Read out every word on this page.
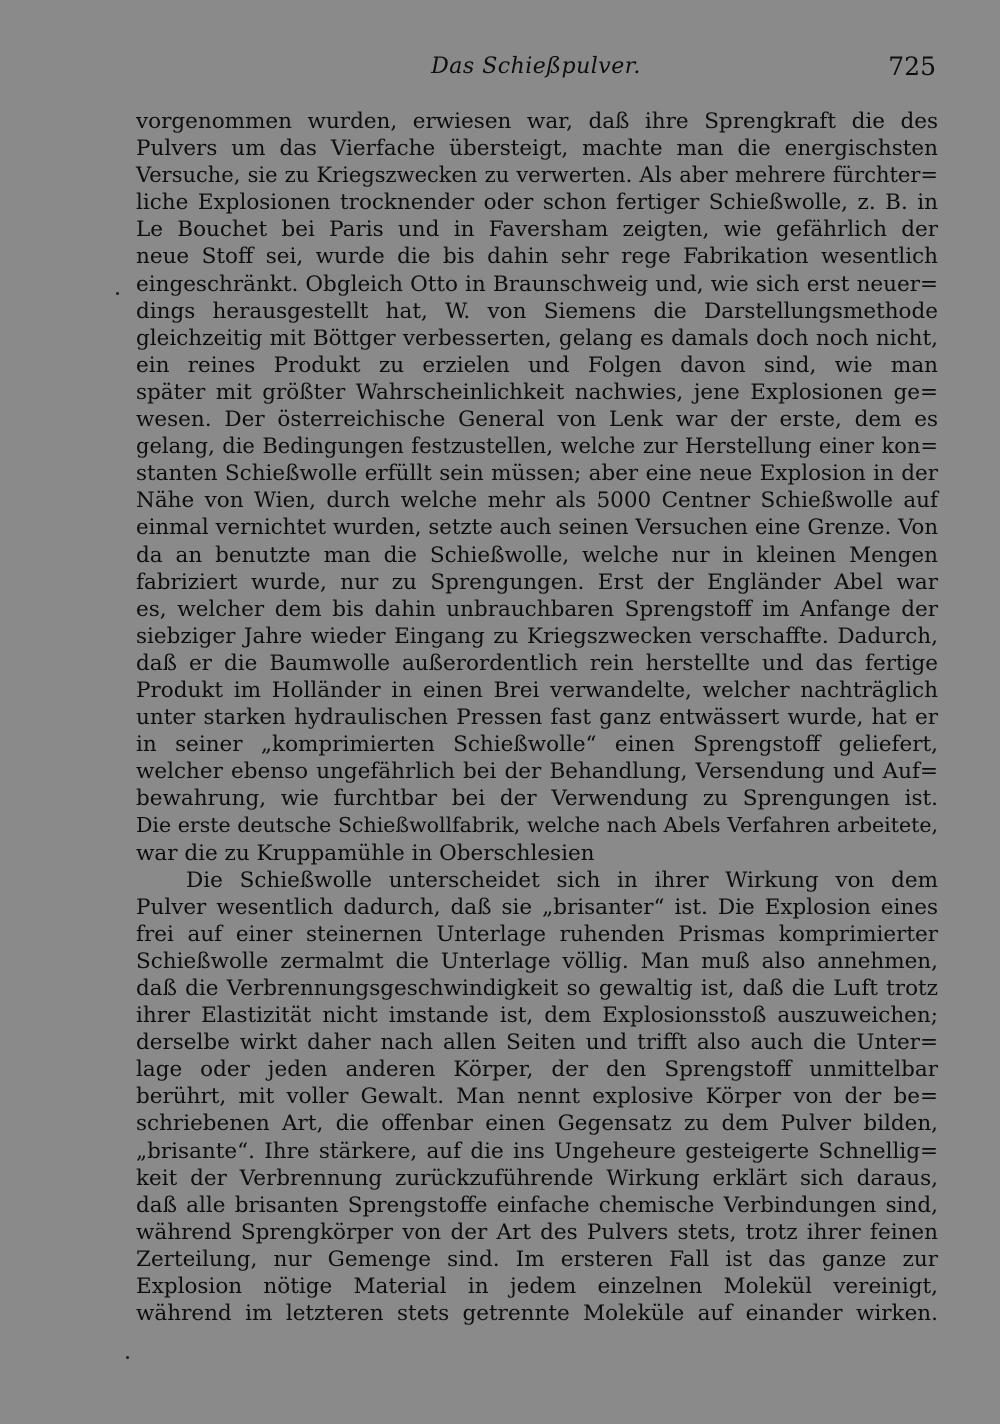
Das Schießpulver.	725
vorgenommen wurden, erwiesen war, daß ihre Sprengkraft die des
Pulvers um das Vierfache übersteigt, machte man die energischsten
Versuche, sie zu Kriegszwecken zu verwerten. Als aber mehrere fürchter=
liche Explosionen trocknender oder schon fertiger Schießwolle, z. B. in
Le Bouchet bei Paris und in Faversham zeigten, wie gefährlich der
neue Stoff sei, wurde die bis dahin sehr rege Fabrikation wesentlich
eingeschränkt. Obgleich Otto in Braunschweig und, wie sich erst neuer=
dings herausgestellt hat, W. von Siemens die Darstellungsmethode
gleichzeitig mit Böttger verbesserten, gelang es damals doch noch nicht,
ein reines Produkt zu erzielen und Folgen davon sind, wie man
später mit größter Wahrscheinlichkeit nachwies, jene Explosionen ge=
wesen. Der österreichische General von Lenk war der erste, dem es
gelang, die Bedingungen festzustellen, welche zur Herstellung einer kon=
stanten Schießwolle erfüllt sein müssen; aber eine neue Explosion in der
Nähe von Wien, durch welche mehr als 5000 Centner Schießwolle auf
einmal vernichtet wurden, setzte auch seinen Versuchen eine Grenze. Von
da an benutzte man die Schießwolle, welche nur in kleinen Mengen
fabriziert wurde, nur zu Sprengungen. Erst der Engländer Abel war
es, welcher dem bis dahin unbrauchbaren Sprengstoff im Anfange der
siebziger Jahre wieder Eingang zu Kriegszwecken verschaffte. Dadurch,
daß er die Baumwolle außerordentlich rein herstellte und das fertige
Produkt im Holländer in einen Brei verwandelte, welcher nachträglich
unter starken hydraulischen Pressen fast ganz entwässert wurde, hat er
in seiner „komprimierten Schießwolle“ einen Sprengstoff geliefert,
welcher ebenso ungefährlich bei der Behandlung, Versendung und Auf=
bewahrung, wie furchtbar bei der Verwendung zu Sprengungen ist.
Die erste deutsche Schießwollfabrik, welche nach Abels Verfahren arbeitete,
war die zu Kruppamühle in Oberschlesien
Die Schießwolle unterscheidet sich in ihrer Wirkung von dem
Pulver wesentlich dadurch, daß sie „brisanter“ ist. Die Explosion eines
frei auf einer steinernen Unterlage ruhenden Prismas komprimierter
Schießwolle zermalmt die Unterlage völlig. Man muß also annehmen,
daß die Verbrennungsgeschwindigkeit so gewaltig ist, daß die Luft trotz
ihrer Elastizität nicht imstande ist, dem Explosionsstoß auszuweichen;
derselbe wirkt daher nach allen Seiten und trifft also auch die Unter=
lage oder jeden anderen Körper, der den Sprengstoff unmittelbar
berührt, mit voller Gewalt. Man nennt explosive Körper von der be=
schriebenen Art, die offenbar einen Gegensatz zu dem Pulver bilden,
„brisante“. Ihre stärkere, auf die ins Ungeheure gesteigerte Schnellig=
keit der Verbrennung zurückzuführende Wirkung erklärt sich daraus,
daß alle brisanten Sprengstoffe einfache chemische Verbindungen sind,
während Sprengkörper von der Art des Pulvers stets, trotz ihrer feinen
Zerteilung, nur Gemenge sind. Im ersteren Fall ist das ganze zur
Explosion nötige Material in jedem einzelnen Molekül vereinigt,
während im letzteren stets getrennte Moleküle auf einander wirken.
